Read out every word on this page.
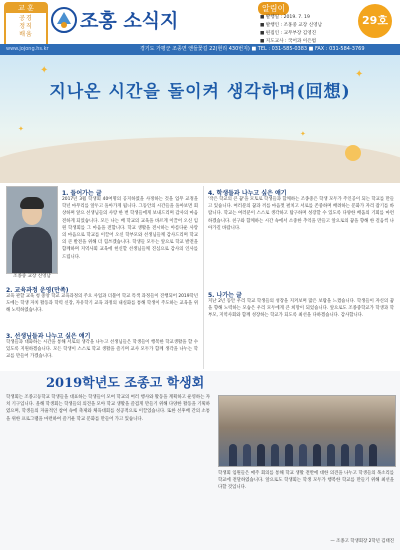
교 훈
공경
정직
배움
조홍 소식지
알림이
■ 발행일 : 2019. 7. 19
■ 발행인 : 조홍중 교장 신영남
■ 편집인 : 교무부장 김영진
■ 지도교사 : 국어과 이은범
29호
www.jojong.hs.kr	경기도 가평군 조종면 앤들꽃길 22(현리 430번지) ■ TEL : 031-585-0383 ■ FAX : 031-584-3769
✦	✦
✦
✦
지나온 시간을 돌이켜 생각하며(回想)
조종중 교장 신영남
1. 들어가는 글
2017년 3월 학생회 40여명의 공지하였을 사정하는 것을 업무 교정을 학년 마무리를 앞두고 돌아가게 됩니다. 그동안의 시간들을 돌아보면 회상하며 앞으 선생님들의 사랑 한 번 학생들에게 보내드리며 감사의 마음 전하게 되었습니다. 모든 나는 배 학교의 교육을 바르게 이끌어 오신 임원 학생회를 그 마음을 전합니다. 학교 생활을 전시하는 아름다운 사랑의 마음으로 학교를 이끌어 오신 학부모와 선생님들께 감사드리며 학교의 큰 발전을 위해 더 힘쓰겠습니다. 학생들 모두는 앞으로 학교 발전을 함께하며 지역사회 교육에 헌신할 선생님들께 진심으로 감사의 인사를 드립니다.
2. 교육과정 운영(만족)
교육 관할 교육 청 중앙 학교 교육과정의 주요 사업과 더불어 학교 특색 과정들이 진행되어 2019학년도에는 학생 자치 활동과 학력 신장, 자유학기 교육 과정의 내실화를 통해 학생이 주도하는 교육을 위해 노력하였습니다.
3. 선생님들과 나누고 싶은 얘기
학생들과 대화하는 시간을 통해 서로의 생각을 나누고 선생님들은 학생들이 행복한 학교생활을 할 수 있도록 지원하겠습니다. 모든 학생이 스스로 학교 생활을 즐기며 교사 모두가 함께 생각을 나누는 학교를 만들어 가겠습니다.
4. 학생들과 나누고 싶은 얘기
'작은 학교의 큰 꿈'을 모토로 학생들과 함께하는 조종중은 학생 모두가 주인공이 되는 학교를 만들고 있습니다. 여러분의 꿈과 끼를 마음껏 펼치고 서로를 존중하며 배려하는 문화가 자리 잡기를 바랍니다. 학교는 여러분이 스스로 생각하고 탐구하며 성장할 수 있도록 다양한 배움의 기회를 마련하겠습니다. 친구와 함께하는 시간 속에서 소중한 추억을 만들고 앞으로의 꿈을 향해 한 걸음씩 나아가길 바랍니다.
5. 나가는 글
지난 2년 동안 우리 학교 학생들의 성장을 지켜보며 많은 보람을 느꼈습니다. 학생들이 자신의 꿈을 향해 노력하는 모습은 우리 모두에게 큰 희망이 되었습니다. 앞으로도 조종중학교가 학생과 학부모, 지역사회와 함께 성장하는 학교가 되도록 최선을 다하겠습니다. 감사합니다.
2019학년도 조종고 학생회
학생회는 조종고등학교 학생들을 대표하는 학생들이 모여 학교의 여러 행사와 활동을 계획하고 운영하는 자치 기구입니다. 올해 학생회는 학생들의 의견을 모아 학교 생활을 즐겁게 만들기 위해 다양한 활동을 기획하였으며, 학생들의 자율적인 참여 속에 축제와 체육대회를 성공적으로 이끌었습니다. 또한 선후배 간의 소통을 위한 프로그램을 마련하여 즐거운 학교 문화를 만들어 가고 있습니다.
학생회 임원들은 매주 회의를 통해 학교 생활 전반에 대한 의견을 나누고 학생들의 목소리를 학교에 전달하였습니다. 앞으로도 학생회는 학생 모두가 행복한 학교를 만들기 위해 최선을 다할 것입니다.
— 조종고 학생회장 2학년 김태진
